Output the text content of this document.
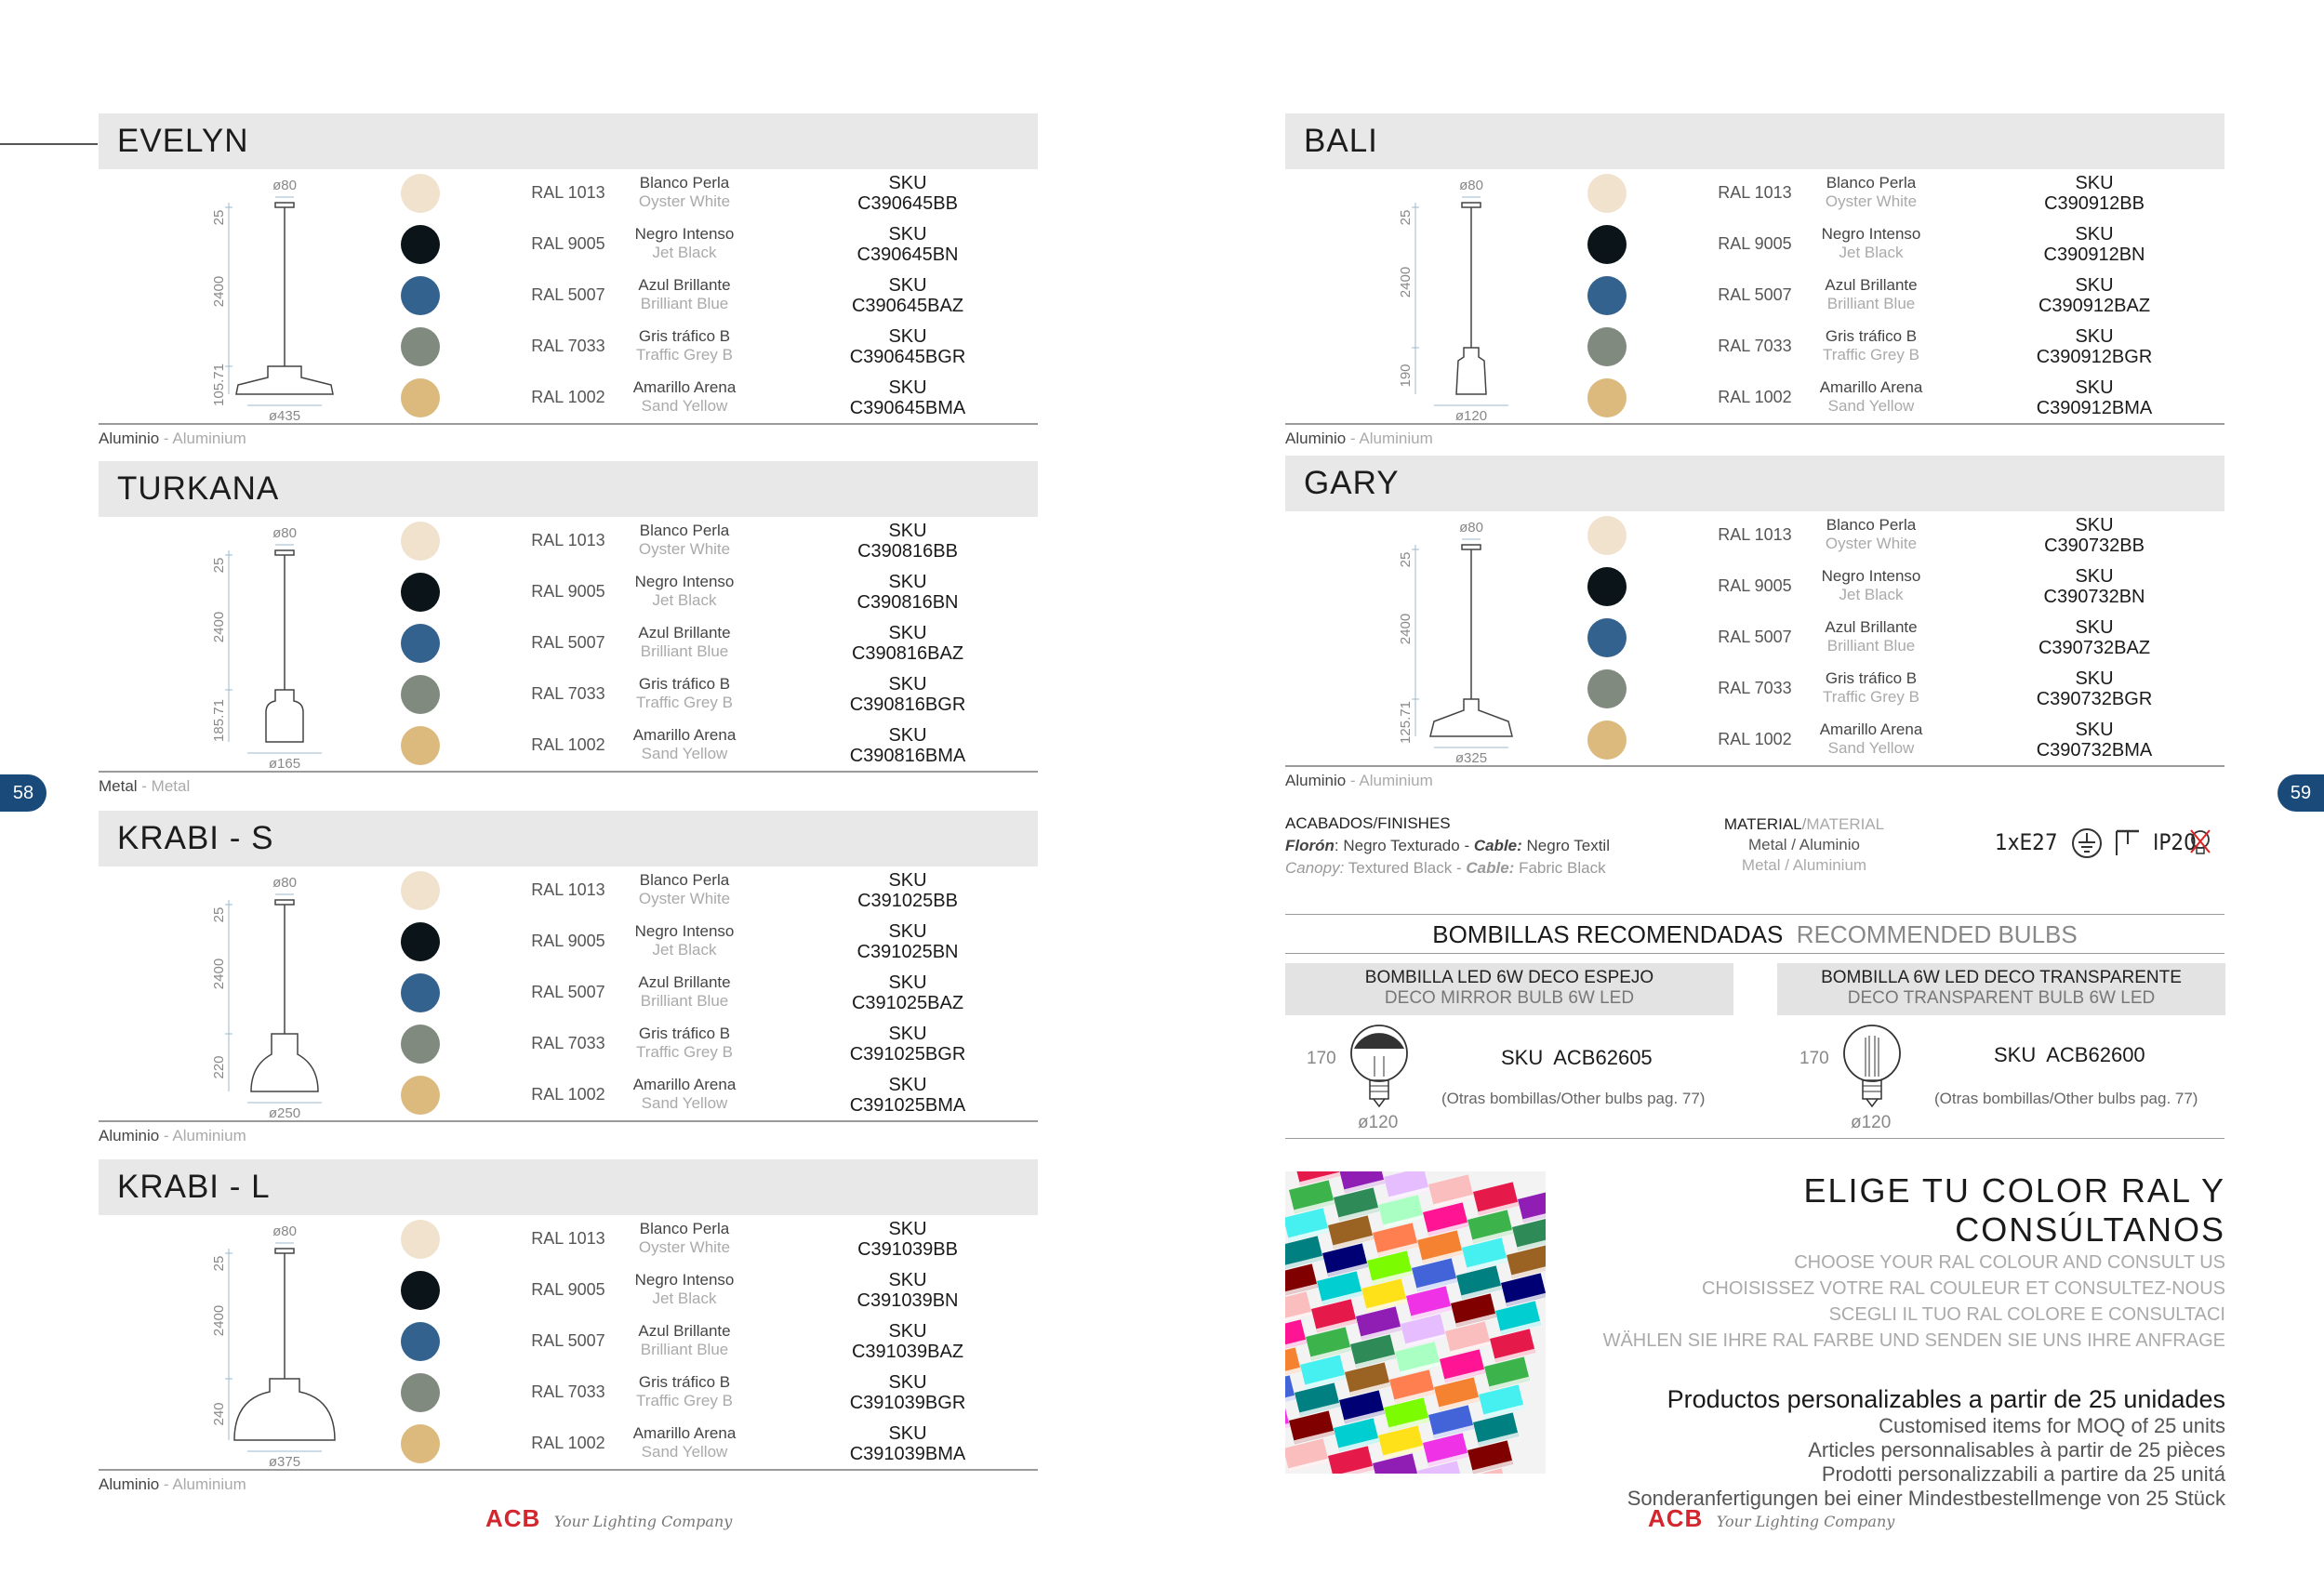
EVELYN
RAL 1013
Blanco Perla
Oyster White
SKU
C390645BB
RAL 9005
Negro Intenso
Jet Black
SKU
C390645BN
RAL 5007
Azul Brillante
Brilliant Blue
SKU
C390645BAZ
RAL 7033
Gris tráfico B
Traffic Grey B
SKU
C390645BGR
RAL 1002
Amarillo Arena
Sand Yellow
SKU
C390645BMA
Aluminio - Aluminium
ø80
25
2400
105.71
ø435
TURKANA
RAL 1013
Blanco Perla
Oyster White
SKU
C390816BB
RAL 9005
Negro Intenso
Jet Black
SKU
C390816BN
RAL 5007
Azul Brillante
Brilliant Blue
SKU
C390816BAZ
RAL 7033
Gris tráfico B
Traffic Grey B
SKU
C390816BGR
RAL 1002
Amarillo Arena
Sand Yellow
SKU
C390816BMA
Metal - Metal
ø80
25
2400
185.71
ø165
KRABI - S
RAL 1013
Blanco Perla
Oyster White
SKU
C391025BB
RAL 9005
Negro Intenso
Jet Black
SKU
C391025BN
RAL 5007
Azul Brillante
Brilliant Blue
SKU
C391025BAZ
RAL 7033
Gris tráfico B
Traffic Grey B
SKU
C391025BGR
RAL 1002
Amarillo Arena
Sand Yellow
SKU
C391025BMA
Aluminio - Aluminium
ø80
25
2400
220
ø250
KRABI - L
RAL 1013
Blanco Perla
Oyster White
SKU
C391039BB
RAL 9005
Negro Intenso
Jet Black
SKU
C391039BN
RAL 5007
Azul Brillante
Brilliant Blue
SKU
C391039BAZ
RAL 7033
Gris tráfico B
Traffic Grey B
SKU
C391039BGR
RAL 1002
Amarillo Arena
Sand Yellow
SKU
C391039BMA
Aluminio - Aluminium
ø80
25
2400
240
ø375
BALI
RAL 1013
Blanco Perla
Oyster White
SKU
C390912BB
RAL 9005
Negro Intenso
Jet Black
SKU
C390912BN
RAL 5007
Azul Brillante
Brilliant Blue
SKU
C390912BAZ
RAL 7033
Gris tráfico B
Traffic Grey B
SKU
C390912BGR
RAL 1002
Amarillo Arena
Sand Yellow
SKU
C390912BMA
Aluminio - Aluminium
ø80
25
2400
190
ø120
GARY
RAL 1013
Blanco Perla
Oyster White
SKU
C390732BB
RAL 9005
Negro Intenso
Jet Black
SKU
C390732BN
RAL 5007
Azul Brillante
Brilliant Blue
SKU
C390732BAZ
RAL 7033
Gris tráfico B
Traffic Grey B
SKU
C390732BGR
RAL 1002
Amarillo Arena
Sand Yellow
SKU
C390732BMA
Aluminio - Aluminium
ø80
25
2400
125.71
ø325
58	59
ACABADOS/FINISHES
Florón: Negro Texturado - Cable: Negro Textil
Canopy: Textured Black - Cable: Fabric Black
MATERIAL/MATERIAL
Metal / Aluminio
Metal / Aluminium
1xE27	IP20
BOMBILLAS RECOMENDADAS RECOMMENDED BULBS
BOMBILLA LED 6W DECO ESPEJO
DECO MIRROR BULB 6W LED
BOMBILLA 6W LED DECO TRANSPARENTE
DECO TRANSPARENT BULB 6W LED
170
ø120
SKU  ACB62605
(Otras bombillas/Other bulbs pag. 77)
170
ø120
SKU  ACB62600
(Otras bombillas/Other bulbs pag. 77)
ELIGE TU COLOR RAL Y CONSÚLTANOS
CHOOSE YOUR RAL COLOUR AND CONSULT US
CHOISISSEZ VOTRE RAL COULEUR ET CONSULTEZ-NOUS
SCEGLI IL TUO RAL COLORE E CONSULTACI
WÄHLEN SIE IHRE RAL FARBE UND SENDEN SIE UNS IHRE ANFRAGE
Productos personalizables a partir de 25 unidades
Customised items for MOQ of 25 units
Articles personnalisables à partir de 25 pièces
Prodotti personalizzabili a partire da 25 unitá
Sonderanfertigungen bei einer Mindestbestellmenge von 25 Stück
ACB Your Lighting Company	ACB Your Lighting Company
